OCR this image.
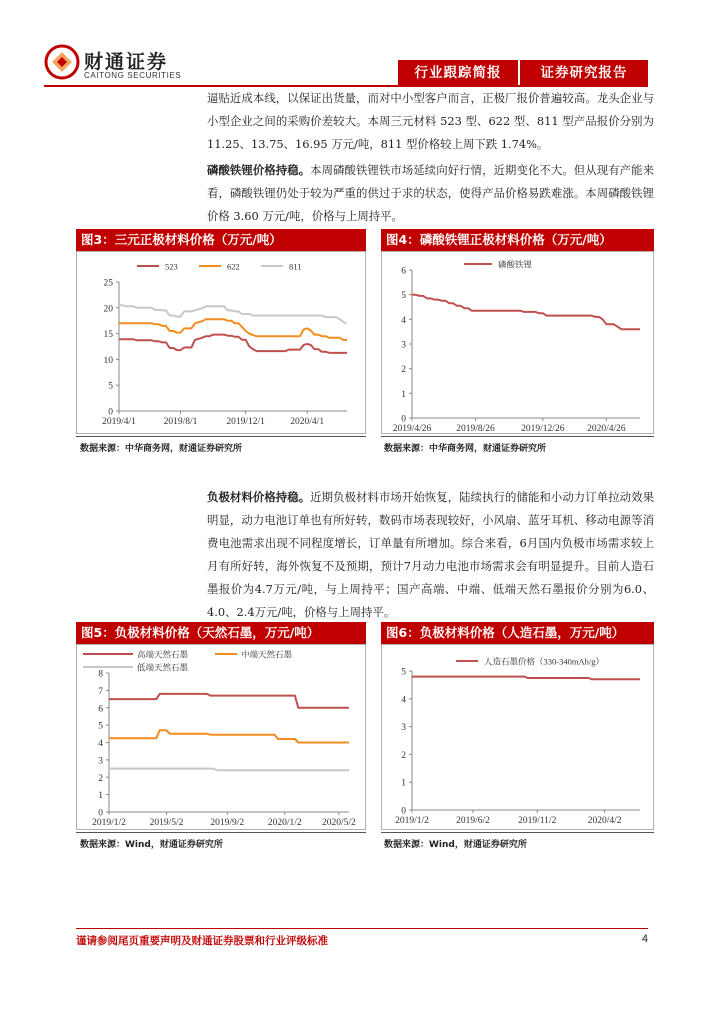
财通证券
CAITONG SECURITIES	行业跟踪简报	证券研究报告

逼贴近成本线，以保证出货量，而对中小型客户而言，正极厂报价普遍较高。龙头企业与小型企业之间的采购价差较大。本周三元材料 523 型、622 型、811 型产品报价分别为 11.25、13.75、16.95 万元/吨，811 型价格较上周下跌 1.74%。

磷酸铁锂价格持稳。本周磷酸铁锂铁市场延续向好行情，近期变化不大。但从现有产能来看，磷酸铁锂仍处于较为严重的供过于求的状态，使得产品价格易跌难涨。本周磷酸铁锂价格 3.60 万元/吨，价格与上周持平。

图3：三元正极材料价格（万元/吨）
0
5
10
15
20
25
2019/4/1	2019/8/1	2019/12/1	2020/4/1
523	622	811
数据来源：中华商务网，财通证券研究所
图4：磷酸铁锂正极材料价格（万元/吨）
0
1
2
3
4
5
6
2019/4/26	2019/8/26	2019/12/26 2020/4/26
磷酸铁锂
数据来源：中华商务网，财通证券研究所

负极材料价格持稳。近期负极材料市场开始恢复，陆续执行的储能和小动力订单拉动效果明显，动力电池订单也有所好转，数码市场表现较好，小风扇、蓝牙耳机、移动电源等消费电池需求出现不同程度增长，订单量有所增加。综合来看，6月国内负极市场需求较上月有所好转，海外恢复不及预期，预计7月动力电池市场需求会有明显提升。目前人造石墨报价为4.7万元/吨，与上周持平；国产高端、中端、低端天然石墨报价分别为6.0、4.0、2.4万元/吨，价格与上周持平。

图5：负极材料价格（天然石墨，万元/吨）
0
1
2
3
4
5
6
7
8
2019/1/2 2019/5/2	2019/9/2 2020/1/2 2020/5/2
高端天然石墨	中端天然石墨
低端天然石墨
数据来源：Wind，财通证券研究所
图6：负极材料价格（人造石墨，万元/吨）
0
1
2
3
4
5
2019/1/2	2019/6/2	2019/11/2	2020/4/2
人造石墨价格（330-340mAh/g）
数据来源：Wind，财通证券研究所
谨请参阅尾页重要声明及财通证券股票和行业评级标准	4
